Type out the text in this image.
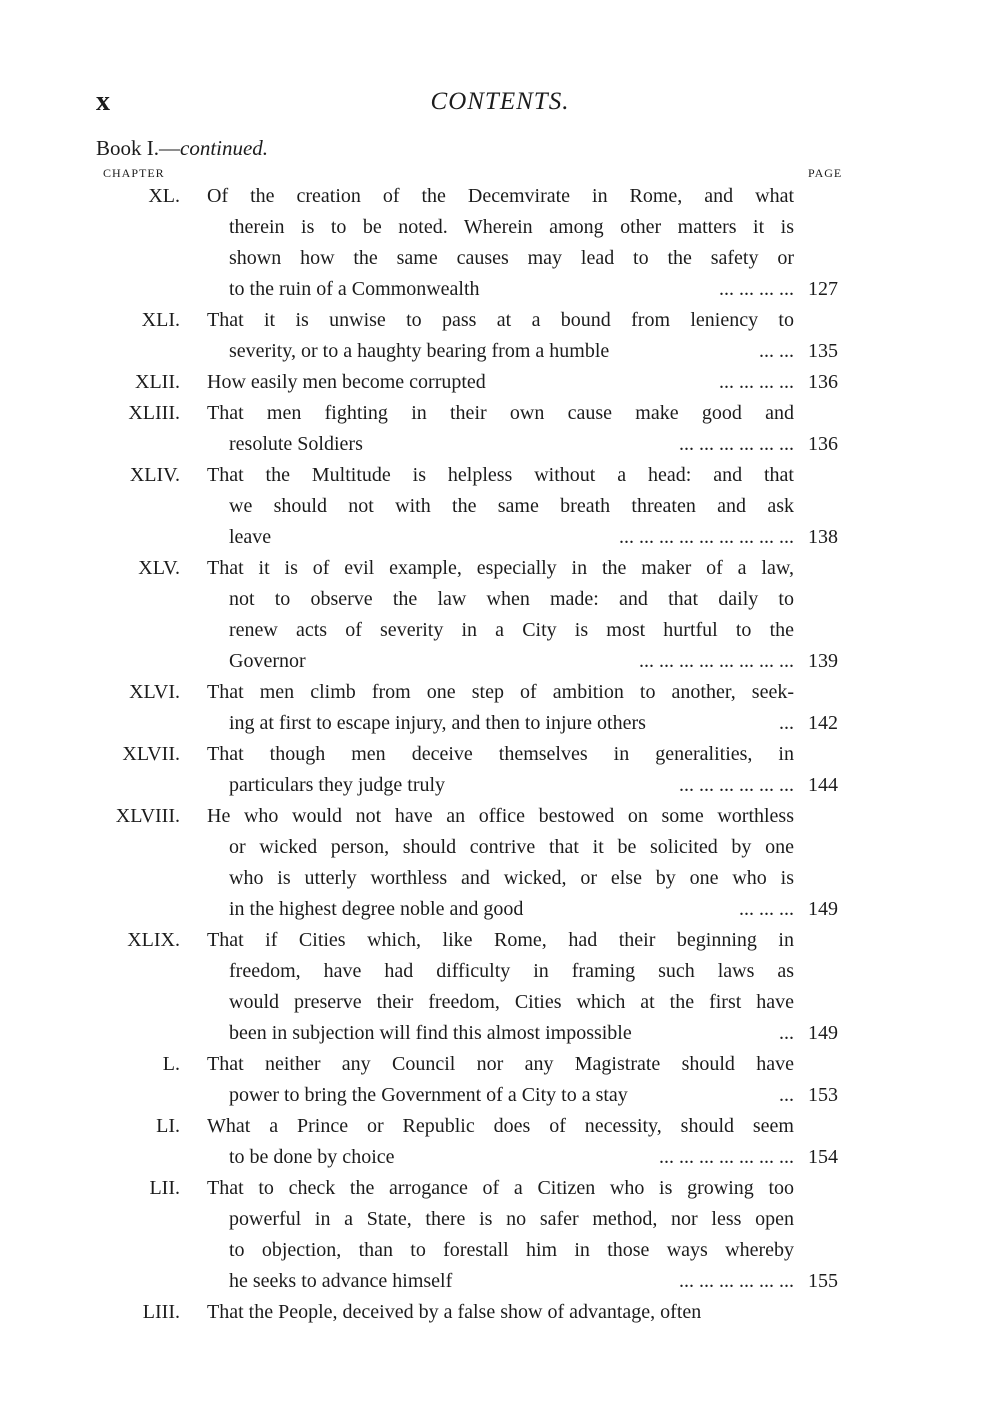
x	CONTENTS.
Book I.—continued.
CHAPTER	PAGE
XL. Of the creation of the Decemvirate in Rome, and what
therein is to be noted. Wherein among other matters it is
shown how the same causes may lead to the safety or
to the ruin of a Commonwealth	... ... ... ... 127
XLI. That it is unwise to pass at a bound from leniency to
severity, or to a haughty bearing from a humble	... ... 135
XLII. How easily men become corrupted	... ... ... ... 136
XLIII. That men fighting in their own cause make good and
resolute Soldiers	... ... ... ... ... ... 136
XLIV. That the Multitude is helpless without a head: and that
we should not with the same breath threaten and ask
leave	... ... ... ... ... ... ... ... ... 138
XLV. That it is of evil example, especially in the maker of a law,
not to observe the law when made: and that daily to
renew acts of severity in a City is most hurtful to the
Governor	... ... ... ... ... ... ... ... 139
XLVI. That men climb from one step of ambition to another, seek-
ing at first to escape injury, and then to injure others	... 142
XLVII. That though men deceive themselves in generalities, in
particulars they judge truly	... ... ... ... ... ... 144
XLVIII. He who would not have an office bestowed on some worthless
or wicked person, should contrive that it be solicited by one
who is utterly worthless and wicked, or else by one who is
in the highest degree noble and good	... ... ... 149
XLIX. That if Cities which, like Rome, had their beginning in
freedom, have had difficulty in framing such laws as
would preserve their freedom, Cities which at the first have
been in subjection will find this almost impossible	... 149
L. That neither any Council nor any Magistrate should have
power to bring the Government of a City to a stay	... 153
LI. What a Prince or Republic does of necessity, should seem
to be done by choice	... ... ... ... ... ... ... 154
LII. That to check the arrogance of a Citizen who is growing too
powerful in a State, there is no safer method, nor less open
to objection, than to forestall him in those ways whereby
he seeks to advance himself	... ... ... ... ... ... 155
LIII. That the People, deceived by a false show of advantage, often
